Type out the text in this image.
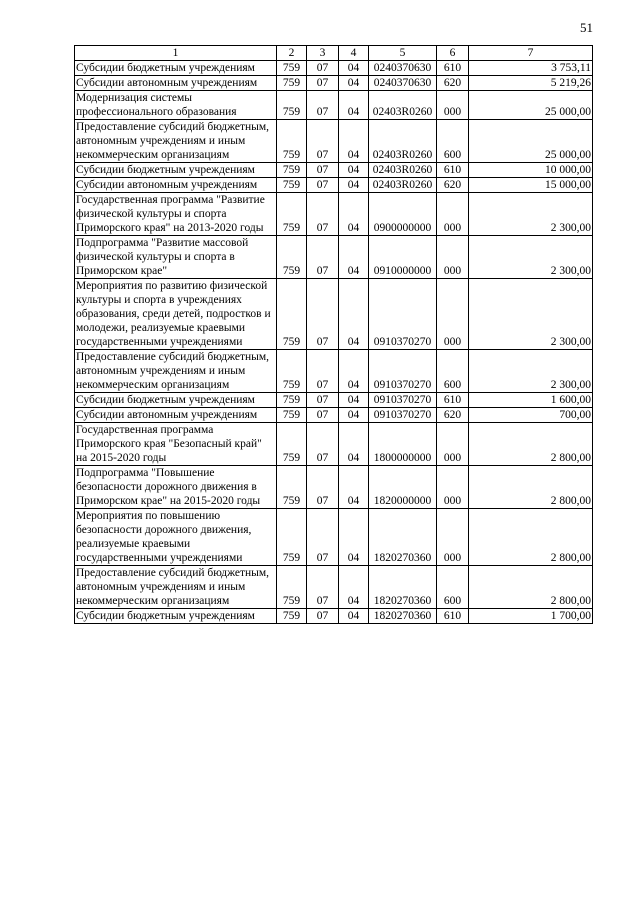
51
1	2	3	4	5	6	7
Субсидии бюджетным учреждениям	759	07	04	0240370630	610	3 753,11
Субсидии автономным учреждениям	759	07	04	0240370630	620	5 219,26
Модернизация системы профессионального образования	759	07	04	02403R0260	000	25 000,00
Предоставление субсидий бюджетным, автономным учреждениям и иным некоммерческим организациям	759	07	04	02403R0260	600	25 000,00
Субсидии бюджетным учреждениям	759	07	04	02403R0260	610	10 000,00
Субсидии автономным учреждениям	759	07	04	02403R0260	620	15 000,00
Государственная программа "Развитие физической культуры и спорта Приморского края" на 2013-2020 годы	759	07	04	0900000000	000	2 300,00
Подпрограмма "Развитие массовой физической культуры и спорта в Приморском крае"	759	07	04	0910000000	000	2 300,00
Мероприятия по развитию физической культуры и спорта в учреждениях образования, среди детей, подростков и молодежи, реализуемые краевыми государственными учреждениями	759	07	04	0910370270	000	2 300,00
Предоставление субсидий бюджетным, автономным учреждениям и иным некоммерческим организациям	759	07	04	0910370270	600	2 300,00
Субсидии бюджетным учреждениям	759	07	04	0910370270	610	1 600,00
Субсидии автономным учреждениям	759	07	04	0910370270	620	700,00
Государственная программа Приморского края "Безопасный край" на 2015-2020 годы	759	07	04	1800000000	000	2 800,00
Подпрограмма "Повышение безопасности дорожного движения в Приморском крае" на 2015-2020 годы	759	07	04	1820000000	000	2 800,00
Мероприятия по повышению безопасности дорожного движения, реализуемые краевыми государственными учреждениями	759	07	04	1820270360	000	2 800,00
Предоставление субсидий бюджетным, автономным учреждениям и иным некоммерческим организациям	759	07	04	1820270360	600	2 800,00
Субсидии бюджетным учреждениям	759	07	04	1820270360	610	1 700,00
